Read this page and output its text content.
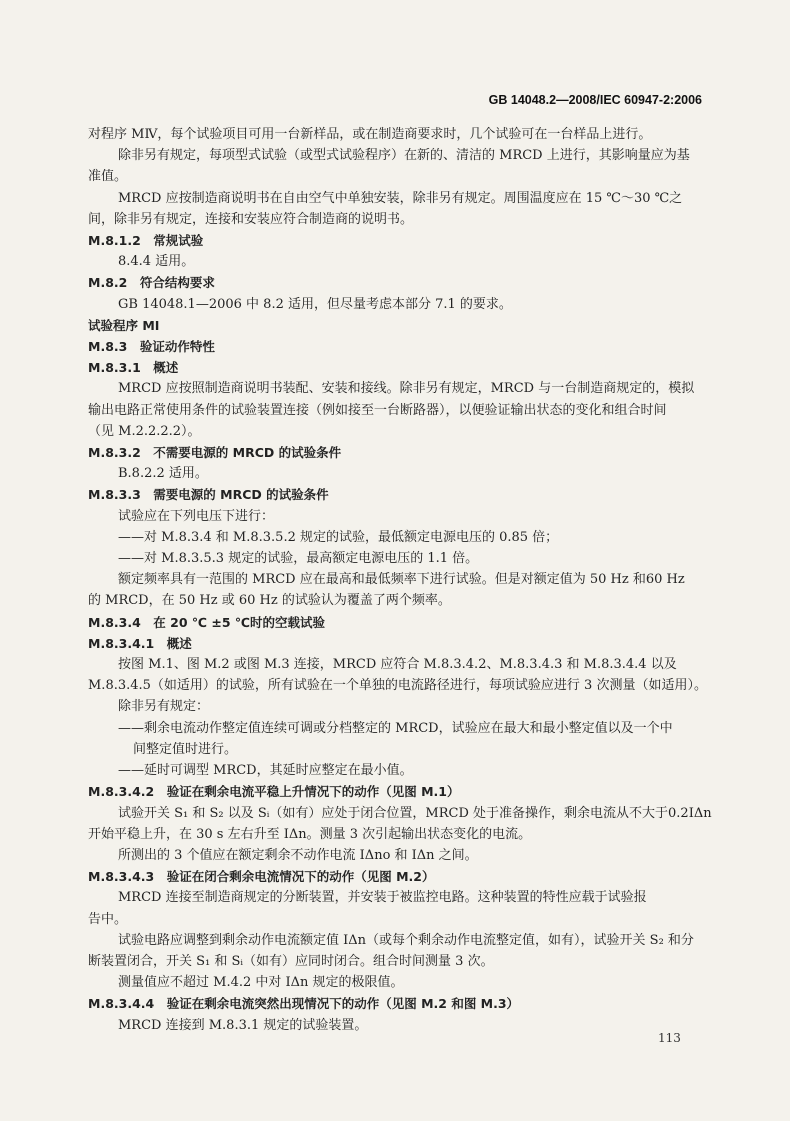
GB 14048.2—2008/IEC 60947-2:2006
对程序 MⅣ，每个试验项目可用一台新样品，或在制造商要求时，几个试验可在一台样品上进行。
除非另有规定，每项型式试验（或型式试验程序）在新的、清洁的 MRCD 上进行，其影响量应为基
准值。
MRCD 应按制造商说明书在自由空气中单独安装，除非另有规定。周围温度应在 15 ℃～30 ℃之
间，除非另有规定，连接和安装应符合制造商的说明书。
M.8.1.2　常规试验
8.4.4 适用。
M.8.2　符合结构要求
GB 14048.1—2006 中 8.2 适用，但尽量考虑本部分 7.1 的要求。
试验程序 MⅠ
M.8.3　验证动作特性
M.8.3.1　概述
MRCD 应按照制造商说明书装配、安装和接线。除非另有规定，MRCD 与一台制造商规定的，模拟
输出电路正常使用条件的试验装置连接（例如接至一台断路器），以便验证输出状态的变化和组合时间
（见 M.2.2.2.2）。
M.8.3.2　不需要电源的 MRCD 的试验条件
B.8.2.2 适用。
M.8.3.3　需要电源的 MRCD 的试验条件
试验应在下列电压下进行：
——对 M.8.3.4 和 M.8.3.5.2 规定的试验，最低额定电源电压的 0.85 倍；
——对 M.8.3.5.3 规定的试验，最高额定电源电压的 1.1 倍。
额定频率具有一范围的 MRCD 应在最高和最低频率下进行试验。但是对额定值为 50 Hz 和60 Hz
的 MRCD，在 50 Hz 或 60 Hz 的试验认为覆盖了两个频率。
M.8.3.4　在 20 ℃ ±5 ℃时的空载试验
M.8.3.4.1　概述
按图 M.1、图 M.2 或图 M.3 连接，MRCD 应符合 M.8.3.4.2、M.8.3.4.3 和 M.8.3.4.4 以及
M.8.3.4.5（如适用）的试验，所有试验在一个单独的电流路径进行，每项试验应进行 3 次测量（如适用）。
除非另有规定：
——剩余电流动作整定值连续可调或分档整定的 MRCD，试验应在最大和最小整定值以及一个中
间整定值时进行。
——延时可调型 MRCD，其延时应整定在最小值。
M.8.3.4.2　验证在剩余电流平稳上升情况下的动作（见图 M.1）
试验开关 S₁ 和 S₂ 以及 Sᵢ（如有）应处于闭合位置，MRCD 处于准备操作，剩余电流从不大于0.2IΔn
开始平稳上升，在 30 s 左右升至 IΔn。测量 3 次引起输出状态变化的电流。
所测出的 3 个值应在额定剩余不动作电流 IΔno 和 IΔn 之间。
M.8.3.4.3　验证在闭合剩余电流情况下的动作（见图 M.2）
MRCD 连接至制造商规定的分断装置，并安装于被监控电路。这种装置的特性应载于试验报
告中。
试验电路应调整到剩余动作电流额定值 IΔn（或每个剩余动作电流整定值，如有），试验开关 S₂ 和分
断装置闭合，开关 S₁ 和 Sᵢ（如有）应同时闭合。组合时间测量 3 次。
测量值应不超过 M.4.2 中对 IΔn 规定的极限值。
M.8.3.4.4　验证在剩余电流突然出现情况下的动作（见图 M.2 和图 M.3）
MRCD 连接到 M.8.3.1 规定的试验装置。
113
